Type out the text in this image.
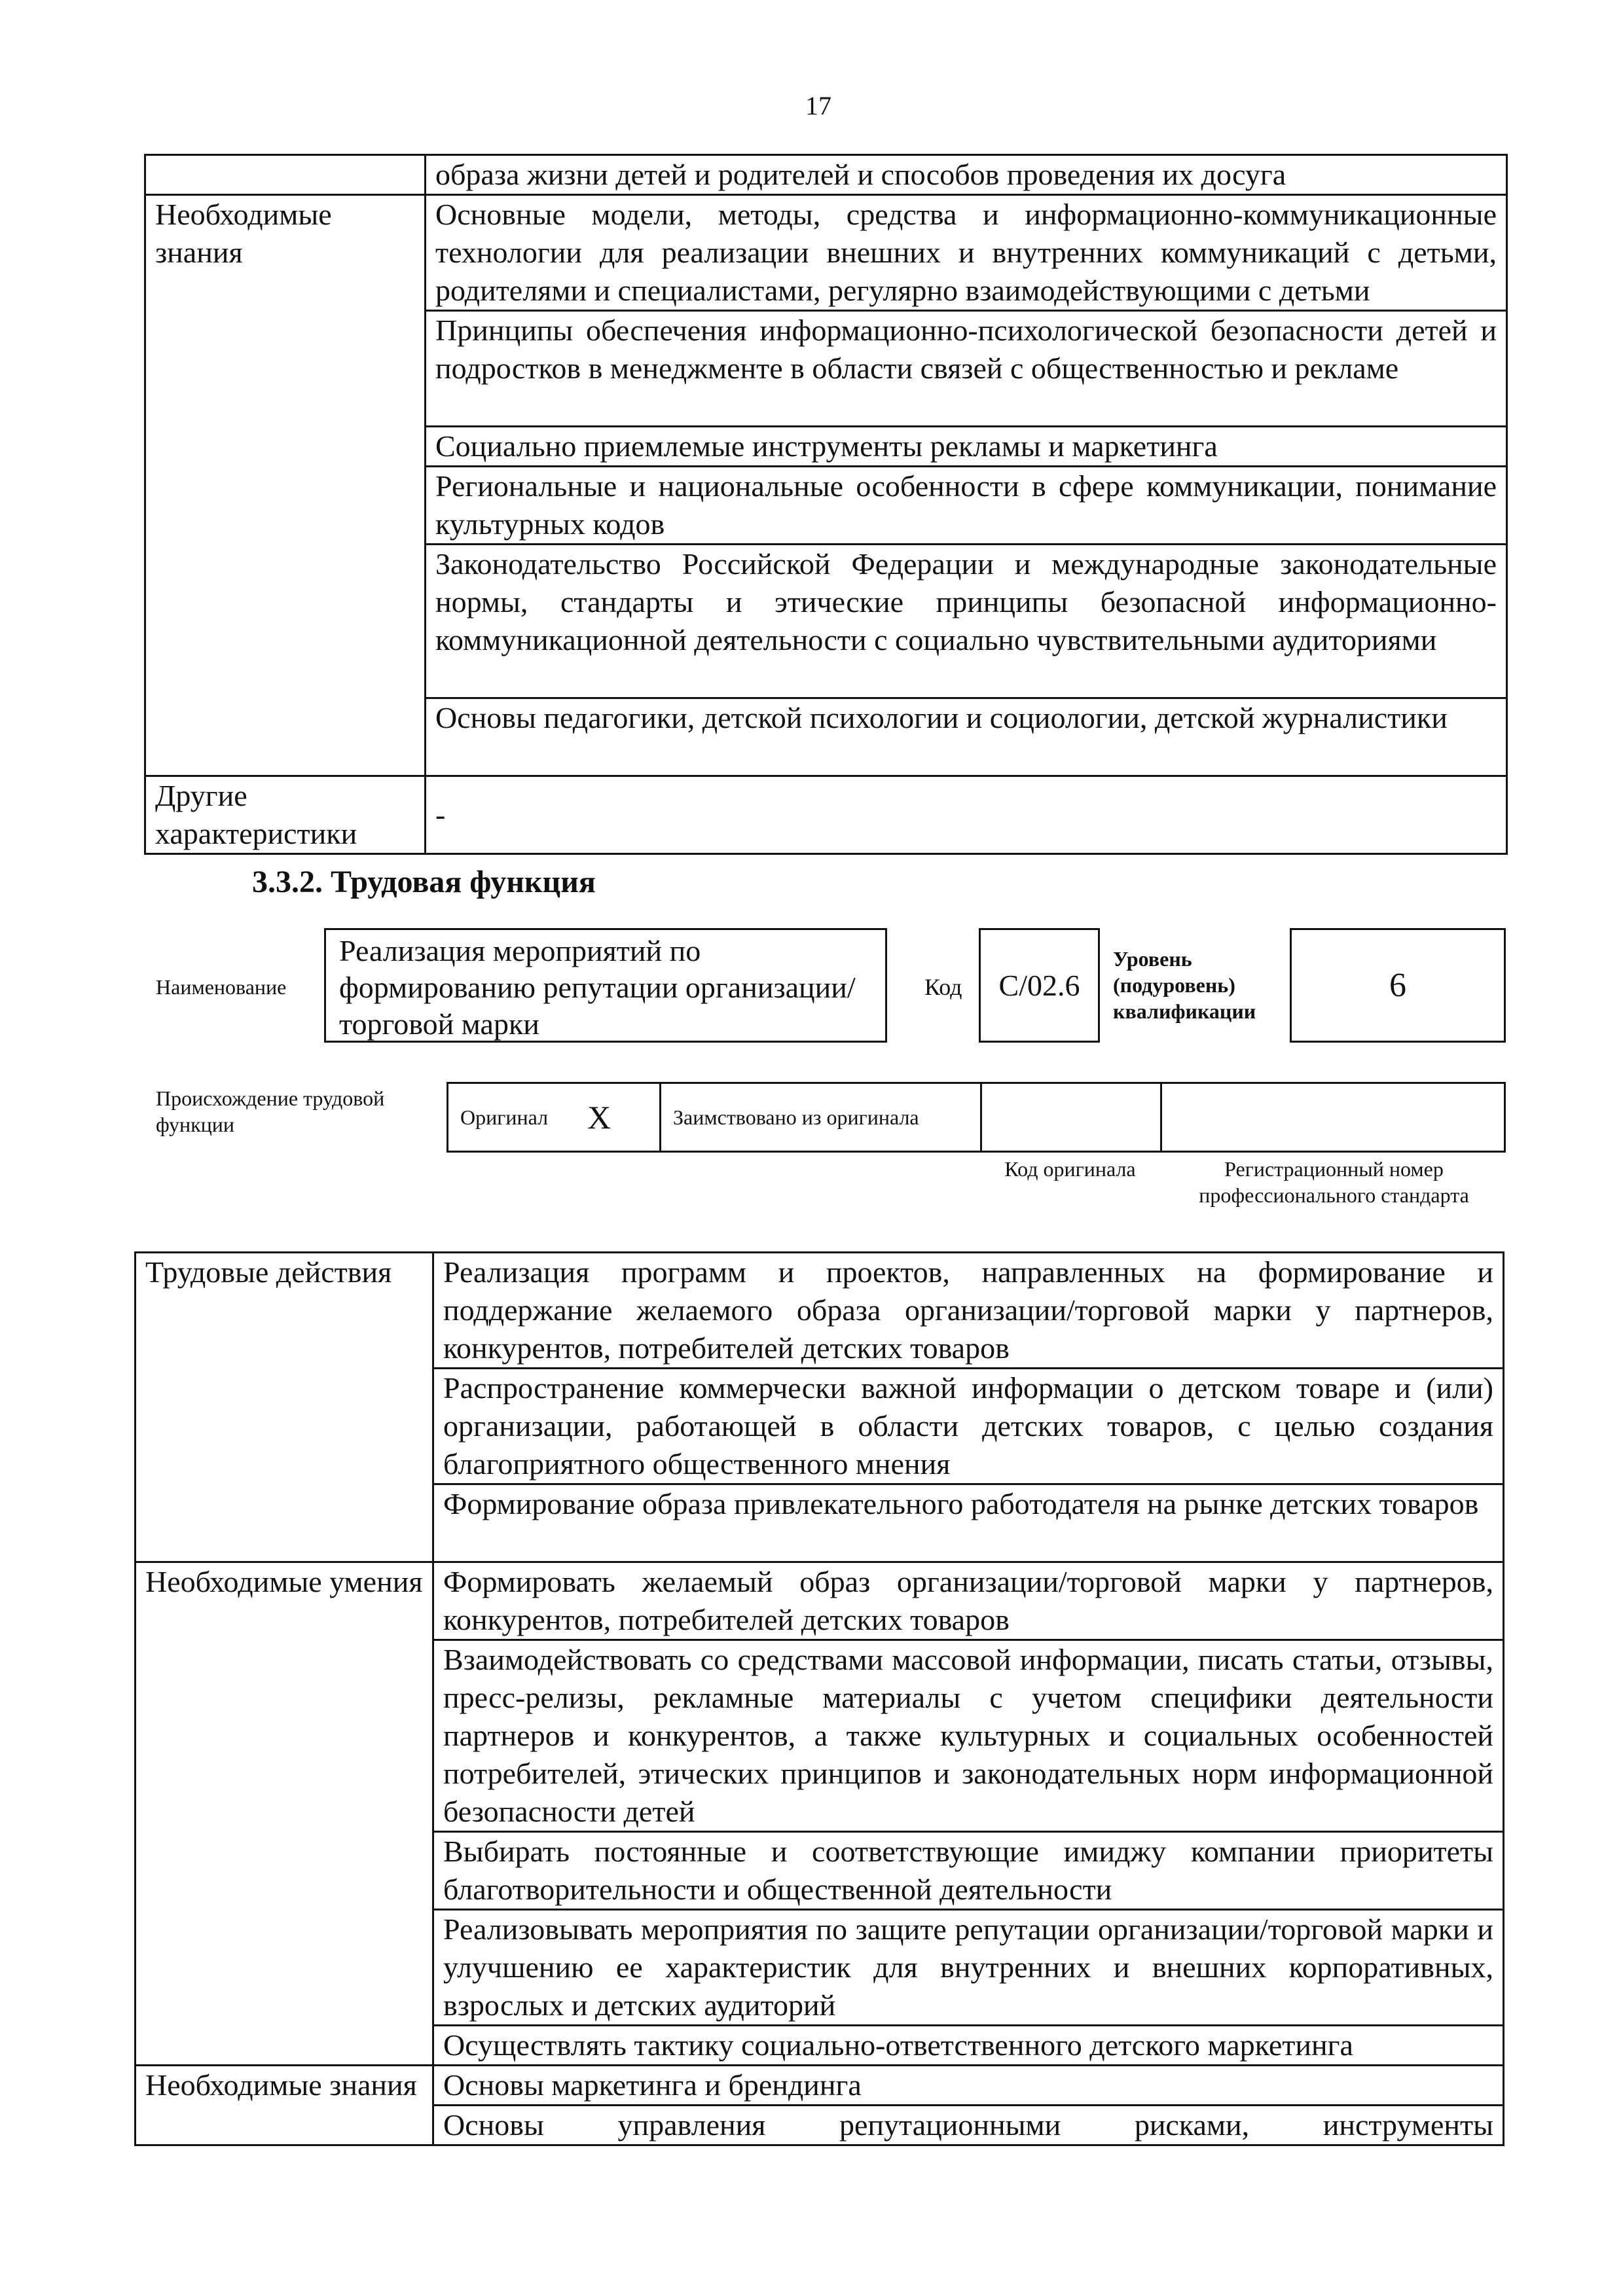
17
	образа жизни детей и родителей и способов проведения их досуга
Необходимые знания	Основные модели, методы, средства и информационно-коммуникационные технологии для реализации внешних и внутренних коммуникаций с детьми, родителями и специалистами, регулярно взаимодействующими с детьми
	Принципы обеспечения информационно-психологической безопасности детей и подростков в менеджменте в области связей с общественностью и рекламе
	Социально приемлемые инструменты рекламы и маркетинга
	Региональные и национальные особенности в сфере коммуникации, понимание культурных кодов
	Законодательство Российской Федерации и международные законодательные нормы, стандарты и этические принципы безопасной информационно-коммуникационной деятельности с социально чувствительными аудиториями
	Основы педагогики, детской психологии и социологии, детской журналистики
Другие характеристики	-
3.3.2. Трудовая функция
Наименование
Реализация мероприятий по формированию репутации организации/торговой марки
Код	C/02.6
Уровень (подуровень) квалификации
6
Происхождение трудовой функции	Оригинал X	Заимствовано из оригинала
Код оригинала	Регистрационный номер профессионального стандарта
Трудовые действия	Реализация программ и проектов, направленных на формирование и поддержание желаемого образа организации/торговой марки у партнеров, конкурентов, потребителей детских товаров
	Распространение коммерчески важной информации о детском товаре и (или) организации, работающей в области детских товаров, с целью создания благоприятного общественного мнения
	Формирование образа привлекательного работодателя на рынке детских товаров
Необходимые умения	Формировать желаемый образ организации/торговой марки у партнеров, конкурентов, потребителей детских товаров
	Взаимодействовать со средствами массовой информации, писать статьи, отзывы, пресс-релизы, рекламные материалы с учетом специфики деятельности партнеров и конкурентов, а также культурных и социальных особенностей потребителей, этических принципов и законодательных норм информационной безопасности детей
	Выбирать постоянные и соответствующие имиджу компании приоритеты благотворительности и общественной деятельности
	Реализовывать мероприятия по защите репутации организации/торговой марки и улучшению ее характеристик для внутренних и внешних корпоративных, взрослых и детских аудиторий
	Осуществлять тактику социально-ответственного детского маркетинга
Необходимые знания	Основы маркетинга и брендинга
	Основы управления репутационными рисками, инструменты
